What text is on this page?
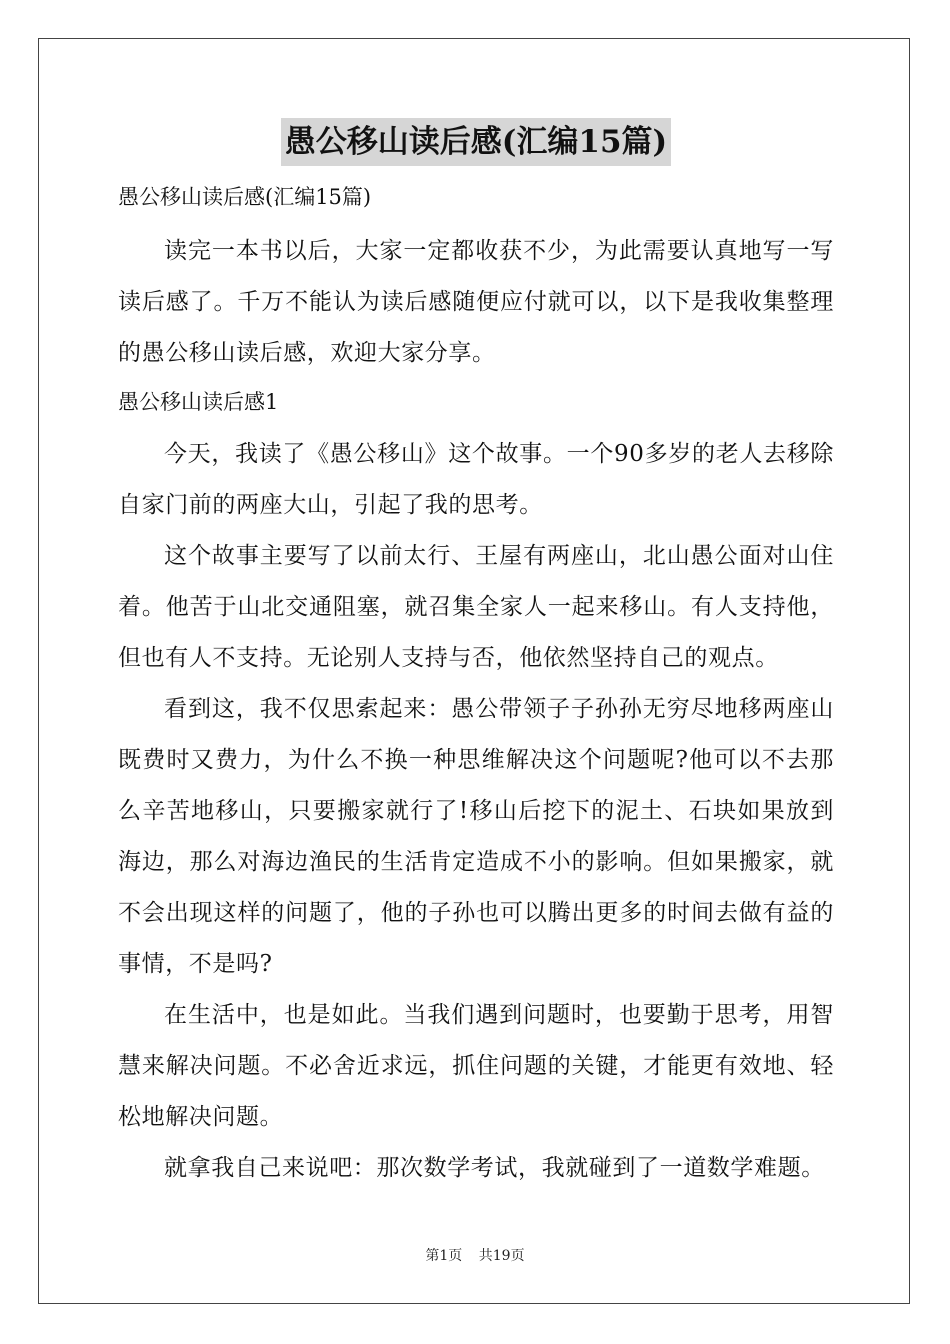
愚公移山读后感(汇编15篇)
愚公移山读后感(汇编15篇)

读完一本书以后，大家一定都收获不少，为此需要认真地写一写读后感了。千万不能认为读后感随便应付就可以，以下是我收集整理的愚公移山读后感，欢迎大家分享。

愚公移山读后感1

今天，我读了《愚公移山》这个故事。一个90多岁的老人去移除自家门前的两座大山，引起了我的思考。

这个故事主要写了以前太行、王屋有两座山，北山愚公面对山住着。他苦于山北交通阻塞，就召集全家人一起来移山。有人支持他，但也有人不支持。无论别人支持与否，他依然坚持自己的观点。

看到这，我不仅思索起来：愚公带领子子孙孙无穷尽地移两座山既费时又费力，为什么不换一种思维解决这个问题呢?他可以不去那么辛苦地移山，只要搬家就行了!移山后挖下的泥土、石块如果放到海边，那么对海边渔民的生活肯定造成不小的影响。但如果搬家，就不会出现这样的问题了，他的子孙也可以腾出更多的时间去做有益的事情，不是吗?

在生活中，也是如此。当我们遇到问题时，也要勤于思考，用智慧来解决问题。不必舍近求远，抓住问题的关键，才能更有效地、轻松地解决问题。

就拿我自己来说吧：那次数学考试，我就碰到了一道数学难题。

第1页 共19页
